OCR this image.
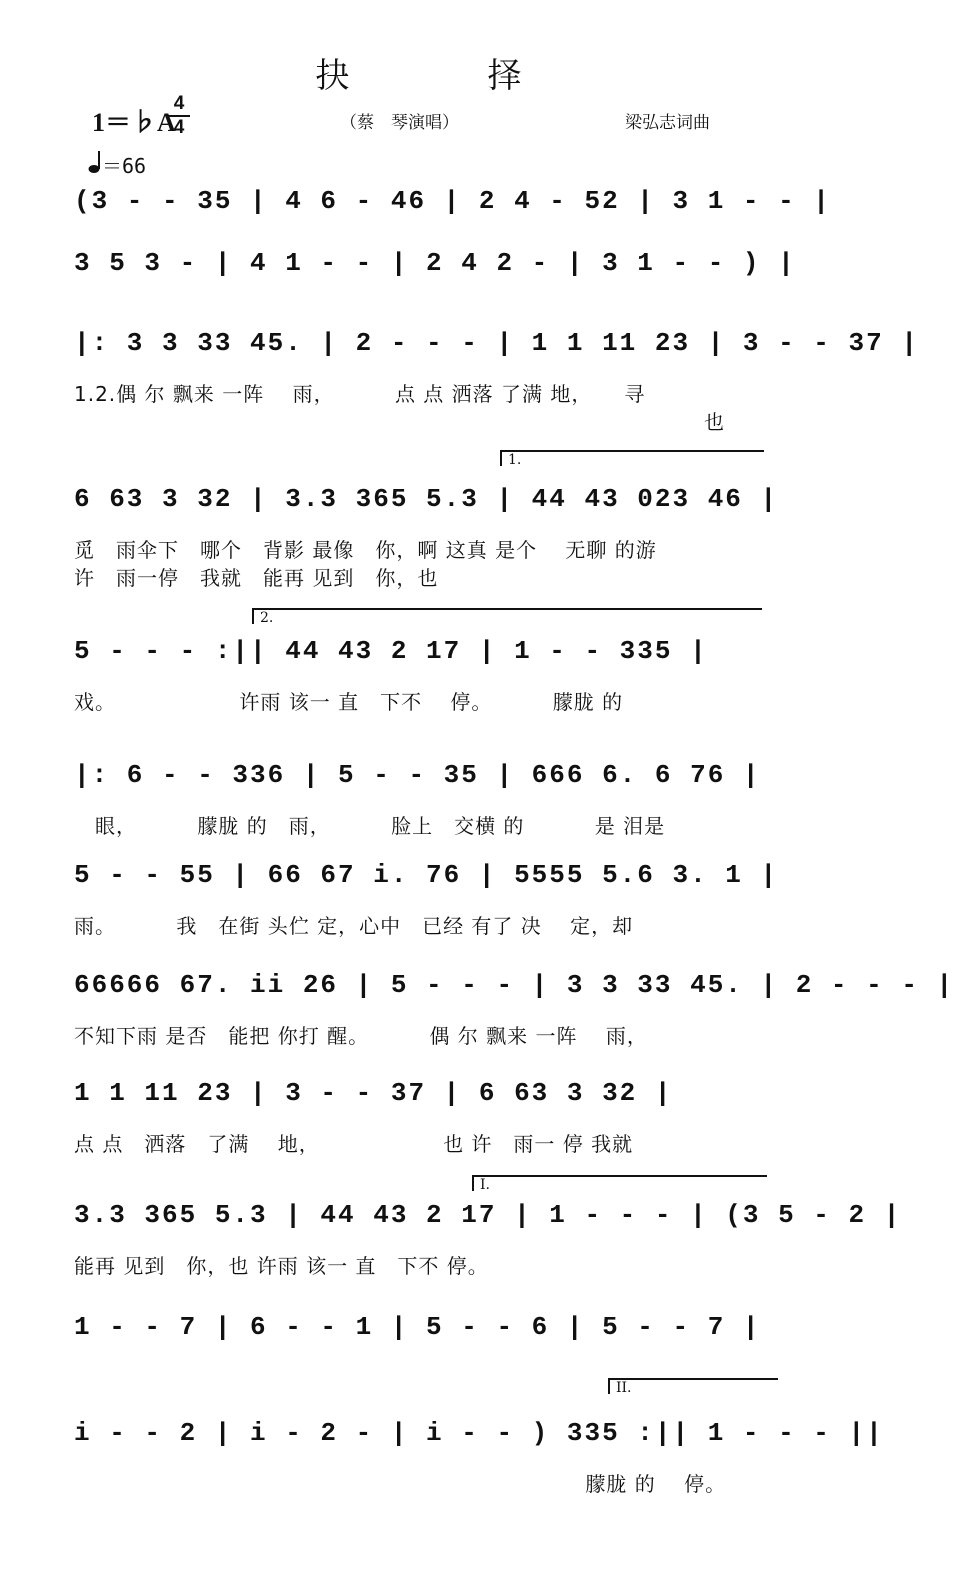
抉　择
1＝♭A
4
4	（蔡　琴演唱）	梁弘志词曲
＝66
(3 - - 35 | 4 6 - 46 | 2 4 - 52 | 3 1 - - |
3 5 3 - | 4 1 - - | 2 4 2 - | 3 1 - - ) |
|: 3 3 33 45. | 2 - - - | 1 1 11 23 | 3 - - 37 |
1.2.偶 尔 飘来 一阵　 雨，　　　 点 点 洒落 了满 地，　　寻
　　　　　　　　　　　　　　　　　　　　　　　　　　　　　　也
6 63 3 32 | 3.3 365 5.3 | 44 43 023 46 |
1.
觅　雨伞下　哪个　背影 最像　你，啊 这真 是个　 无聊 的游
许　雨一停　我就　能再 见到　你，也
5 - - - :|| 44 43 2 17 | 1 - - 335 |
2.
戏。　　　　　　 许雨 该一 直　下不　 停。　　　 朦胧 的
|: 6 - - 336 | 5 - - 35 | 666 6. 6 76 |
　眼，　　　 朦胧 的　雨，　　　 脸上　交横 的　　　 是 泪是
5 - - 55 | 66 67 i. 76 | 5555 5.6 3. 1 |
雨。　　　 我　在街 头伫 定，心中　已经 有了 决　 定，却
66666 67. ii 26 | 5 - - - | 3 3 33 45. | 2 - - - |
不知下雨 是否　能把 你打 醒。　　　 偶 尔 飘来 一阵　 雨，
1 1 11 23 | 3 - - 37 | 6 63 3 32 |
点 点　洒落　了满　 地，　　　　　　 也 许　雨一 停 我就
3.3 365 5.3 | 44 43 2 17 | 1 - - - | (3 5 - 2 |
I.
能再 见到　你，也 许雨 该一 直　下不 停。
1 - - 7 | 6 - - 1 | 5 - - 6 | 5 - - 7 |
i - - 2 | i - 2 - | i - - ) 335 :|| 1 - - - ||
II.
　　　　　　　　　　　　　　　　　　　　　　　　 朦胧 的　 停。
